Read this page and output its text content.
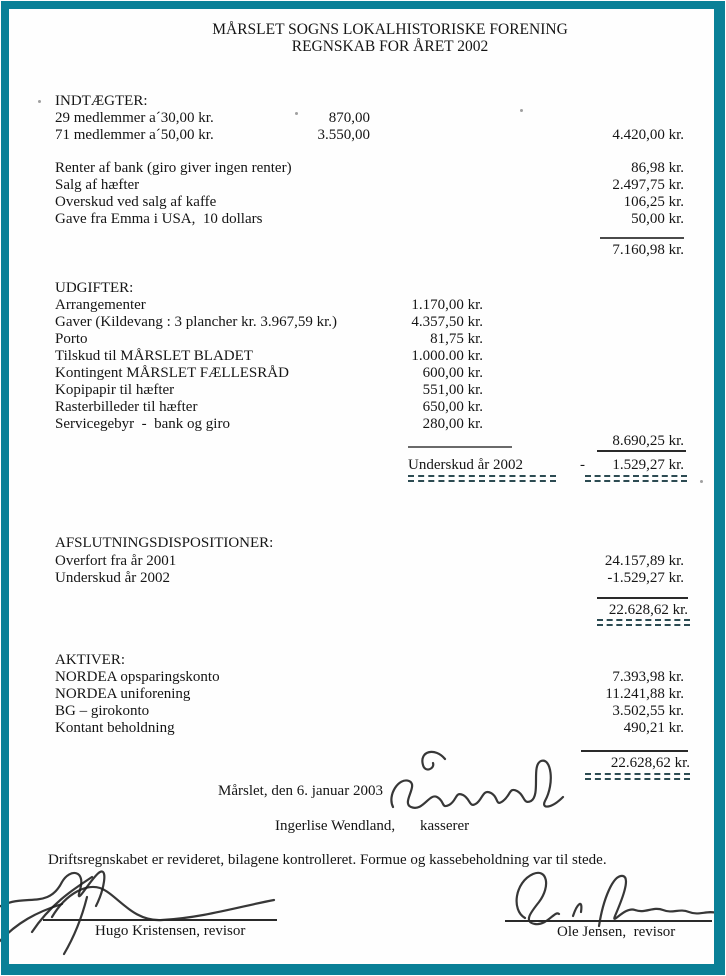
MÅRSLET SOGNS LOKALHISTORISKE FORENING
REGNSKAB FOR ÅRET 2002
INDTÆGTER:
29 medlemmer a´30,00 kr.	870,00
71 medlemmer a´50,00 kr.	3.550,00	4.420,00 kr.
Renter af bank (giro giver ingen renter)	86,98 kr.
Salg af hæfter	2.497,75 kr.
Overskud ved salg af kaffe	106,25 kr.
Gave fra Emma i USA,  10 dollars	50,00 kr.
7.160,98 kr.
UDGIFTER:
Arrangementer	1.170,00 kr.
Gaver (Kildevang : 3 plancher kr. 3.967,59 kr.)	4.357,50 kr.
Porto	81,75 kr.
Tilskud til MÅRSLET BLADET	1.000.00 kr.
Kontingent MÅRSLET FÆLLESRÅD	600,00 kr.
Kopipapir til hæfter	551,00 kr.
Rasterbilleder til hæfter	650,00 kr.
Servicegebyr  -  bank og giro	280,00 kr.
8.690,25 kr.
Underskud år 2002	-	1.529,27 kr.
AFSLUTNINGSDISPOSITIONER:
Overfort fra år 2001	24.157,89 kr.
Underskud år 2002	-1.529,27 kr.
22.628,62 kr.
AKTIVER:
NORDEA opsparingskonto	7.393,98 kr.
NORDEA uniforening	11.241,88 kr.
BG – girokonto	3.502,55 kr.
Kontant beholdning	490,21 kr.
22.628,62 kr.
Mårslet, den 6. januar 2003
Ingerlise Wendland, kasserer
Driftsregnskabet er revideret, bilagene kontrolleret. Formue og kassebeholdning var til stede.
Hugo Kristensen, revisor	Ole Jensen,  revisor
